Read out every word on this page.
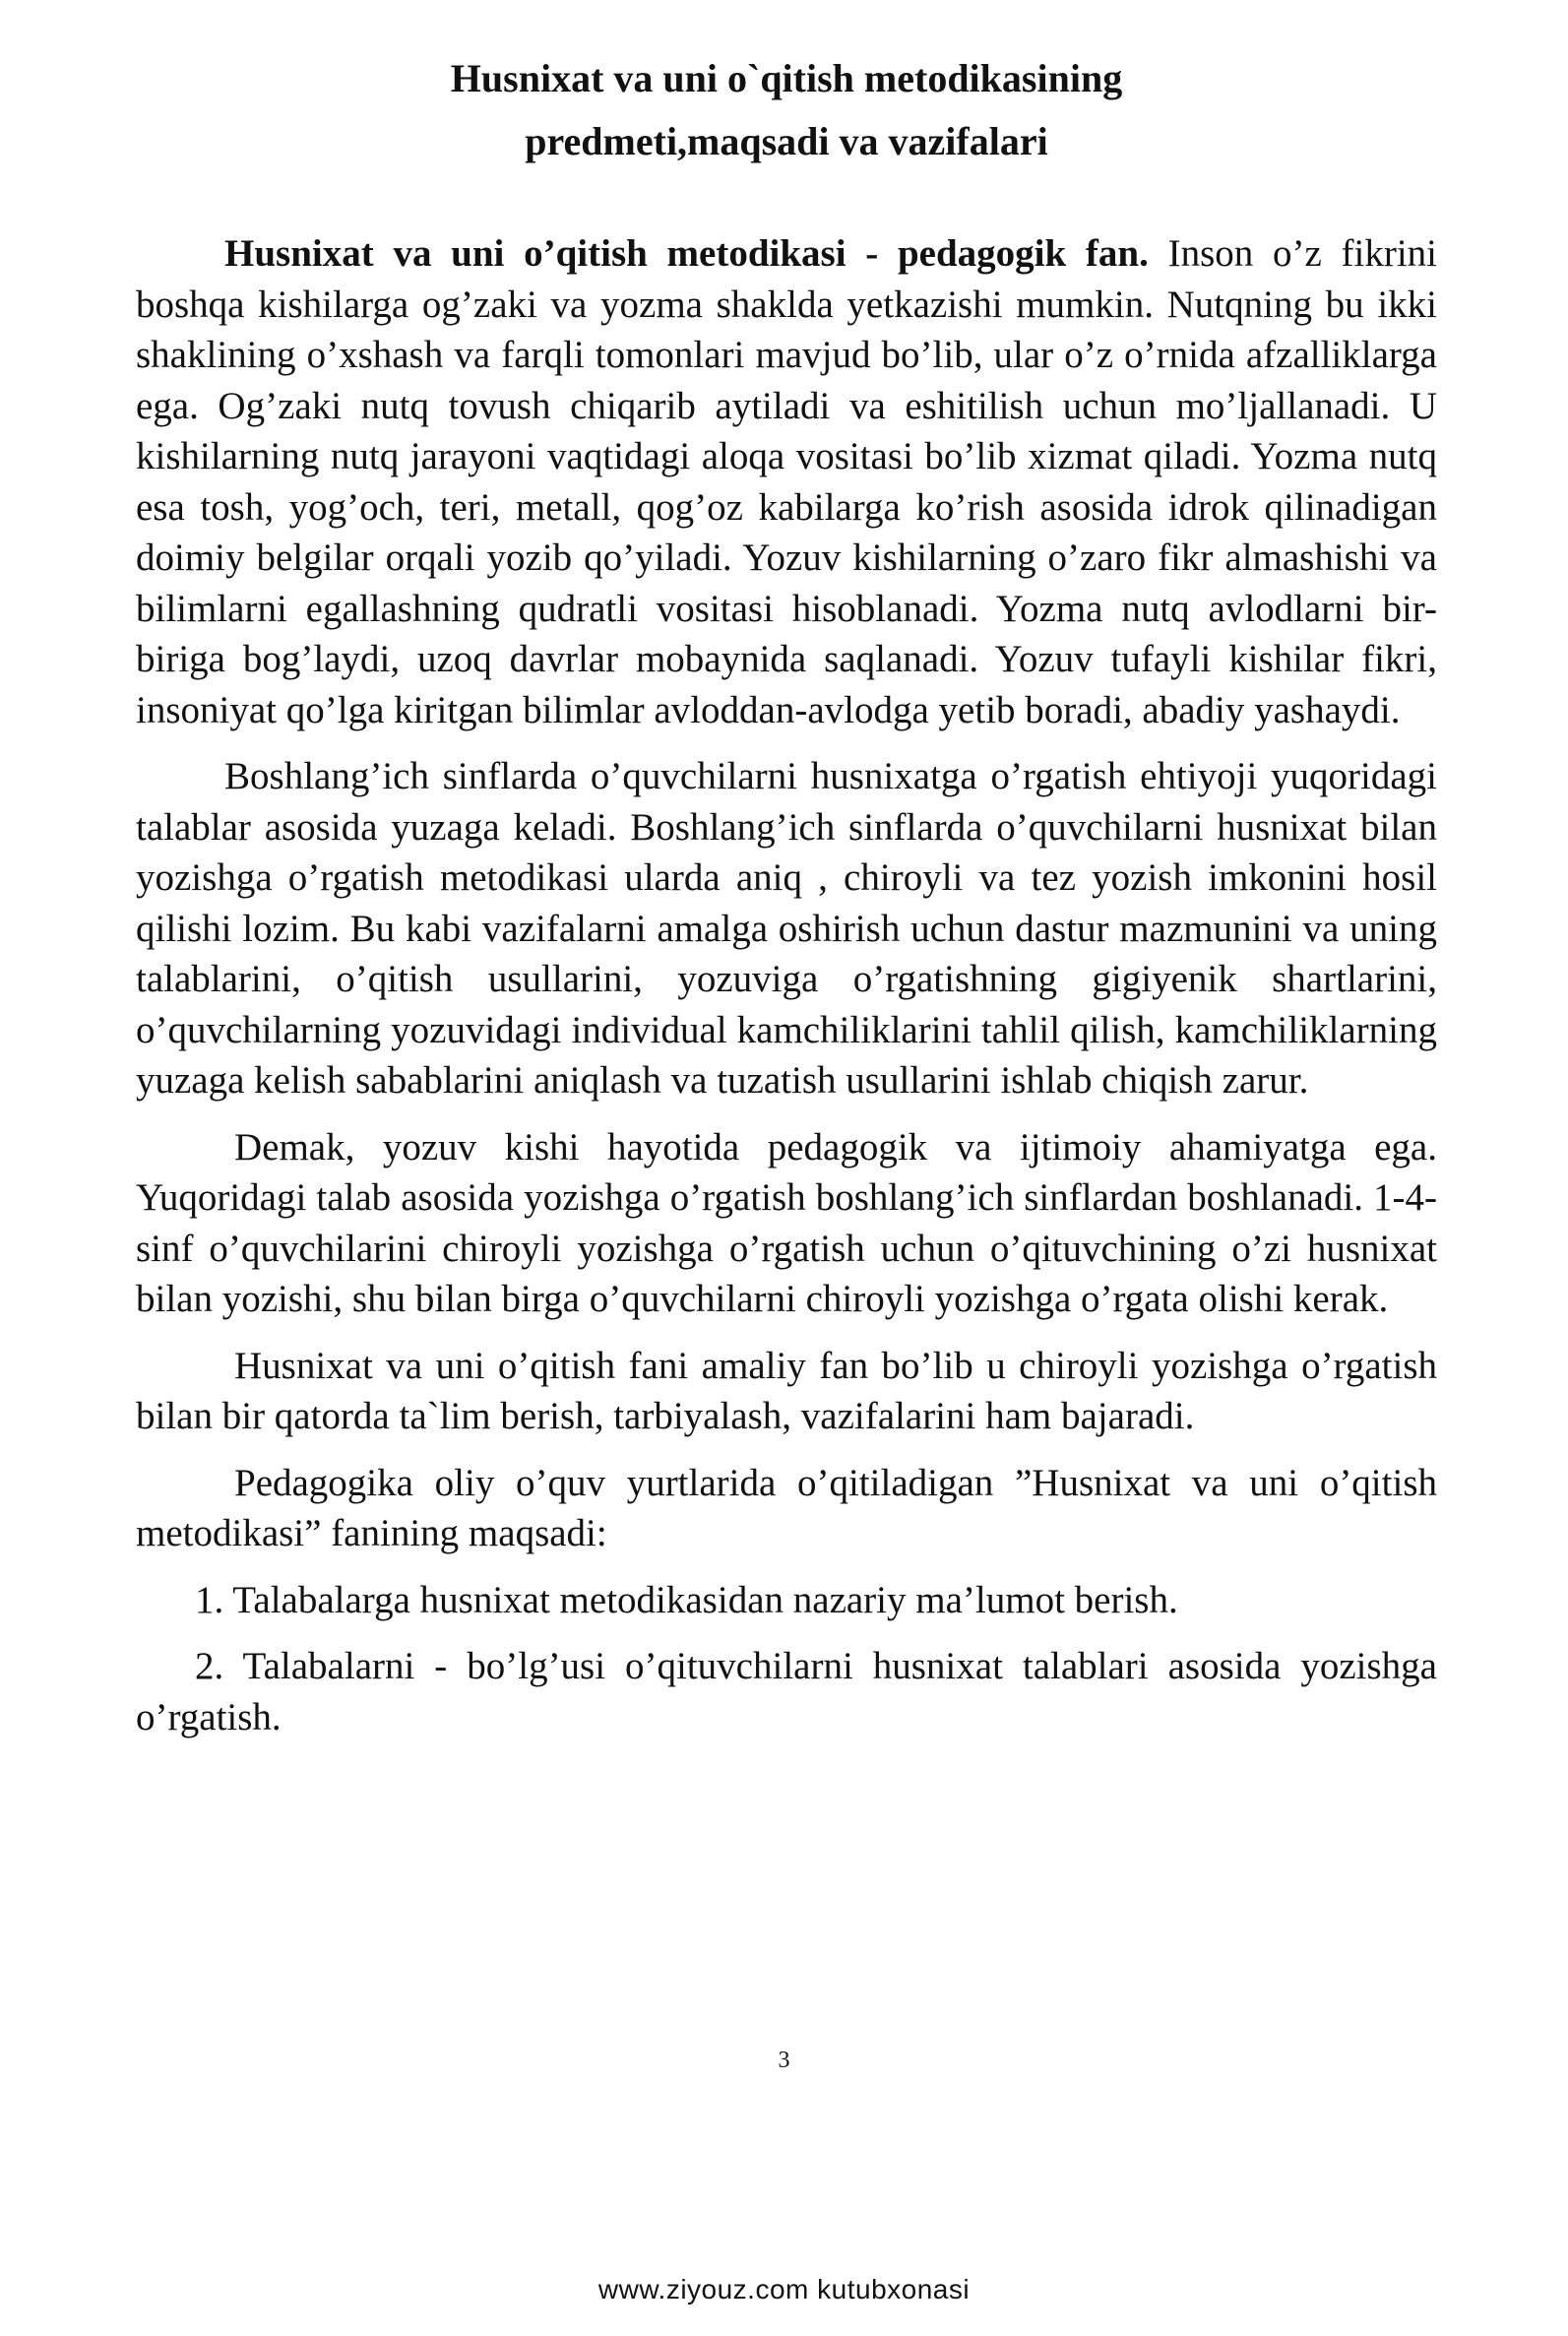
Husnixat va uni o`qitish metodikasining
predmeti,maqsadi va vazifalari

Husnixat va uni o’qitish metodikasi - pedagogik fan. Inson o’z fikrini boshqa kishilarga og’zaki va yozma shaklda yetkazishi mumkin. Nutqning bu ikki shaklining o’xshash va farqli tomonlari mavjud bo’lib, ular o’z o’rnida afzalliklarga ega. Og’zaki nutq tovush chiqarib aytiladi va eshitilish uchun mo’ljallanadi. U kishilarning nutq jarayoni vaqtidagi aloqa vositasi bo’lib xizmat qiladi. Yozma nutq esa tosh, yog’och, teri, metall, qog’oz kabilarga ko’rish asosida idrok qilinadigan doimiy belgilar orqali yozib qo’yiladi. Yozuv kishilarning o’zaro fikr almashishi va bilimlarni egallashning qudratli vositasi hisoblanadi. Yozma nutq avlodlarni bir-biriga bog’laydi, uzoq davrlar mobaynida saqlanadi. Yozuv tufayli kishilar fikri, insoniyat qo’lga kiritgan bilimlar avloddan-avlodga yetib boradi, abadiy yashaydi.

Boshlang’ich sinflarda o’quvchilarni husnixatga o’rgatish ehtiyoji yuqoridagi talablar asosida yuzaga keladi. Boshlang’ich sinflarda o’quvchilarni husnixat bilan yozishga o’rgatish metodikasi ularda aniq , chiroyli va tez yozish imkonini hosil qilishi lozim. Bu kabi vazifalarni amalga oshirish uchun dastur mazmunini va uning talablarini, o’qitish usullarini, yozuviga o’rgatishning gigiyenik shartlarini, o’quvchilarning yozuvidagi individual kamchiliklarini tahlil qilish, kamchiliklarning yuzaga kelish sabablarini aniqlash va tuzatish usullarini ishlab chiqish zarur.

Demak, yozuv kishi hayotida pedagogik va ijtimoiy ahamiyatga ega. Yuqoridagi talab asosida yozishga o’rgatish boshlang’ich sinflardan boshlanadi. 1-4-sinf o’quvchilarini chiroyli yozishga o’rgatish uchun o’qituvchining o’zi husnixat bilan yozishi, shu bilan birga o’quvchilarni chiroyli yozishga o’rgata olishi kerak.

Husnixat va uni o’qitish fani amaliy fan bo’lib u chiroyli yozishga o’rgatish bilan bir qatorda ta`lim berish, tarbiyalash, vazifalarini ham bajaradi.

Pedagogika oliy o’quv yurtlarida o’qitiladigan ”Husnixat va uni o’qitish metodikasi” fanining maqsadi:

1. Talabalarga husnixat metodikasidan nazariy ma’lumot berish.

2. Talabalarni - bo’lg’usi o’qituvchilarni husnixat talablari asosida yozishga o’rgatish.

3
www.ziyouz.com kutubxonasi
